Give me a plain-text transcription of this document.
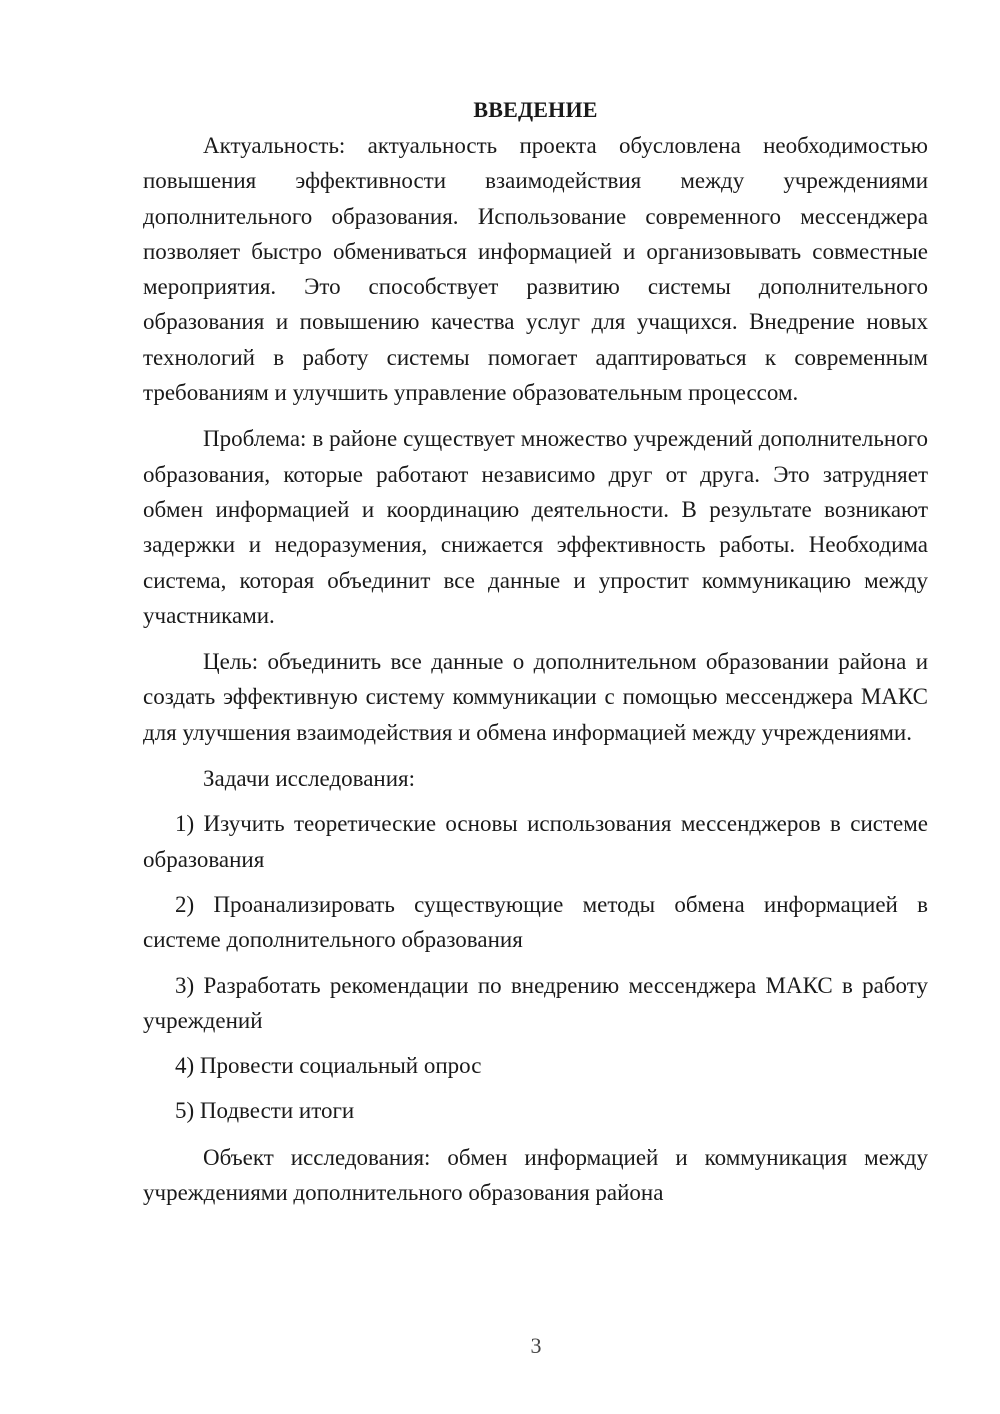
ВВЕДЕНИЕ

Актуальность: актуальность проекта обусловлена необходимостью повышения эффективности взаимодействия между учреждениями дополнительного образования. Использование современного мессенджера позволяет быстро обмениваться информацией и организовывать совместные мероприятия. Это способствует развитию системы дополнительного образования и повышению качества услуг для учащихся. Внедрение новых технологий в работу системы помогает адаптироваться к современным требованиям и улучшить управление образовательным процессом.

Проблема: в районе существует множество учреждений дополнительного образования, которые работают независимо друг от друга. Это затрудняет обмен информацией и координацию деятельности. В результате возникают задержки и недоразумения, снижается эффективность работы. Необходима система, которая объединит все данные и упростит коммуникацию между участниками.

Цель: объединить все данные о дополнительном образовании района и создать эффективную систему коммуникации с помощью мессенджера МАКС для улучшения взаимодействия и обмена информацией между учреждениями.

Задачи исследования:

1) Изучить теоретические основы использования мессенджеров в системе образования

2) Проанализировать существующие методы обмена информацией в системе дополнительного образования

3) Разработать рекомендации по внедрению мессенджера МАКС в работу учреждений

4) Провести социальный опрос

5) Подвести итоги

Объект исследования: обмен информацией и коммуникация между учреждениями дополнительного образования района

3
